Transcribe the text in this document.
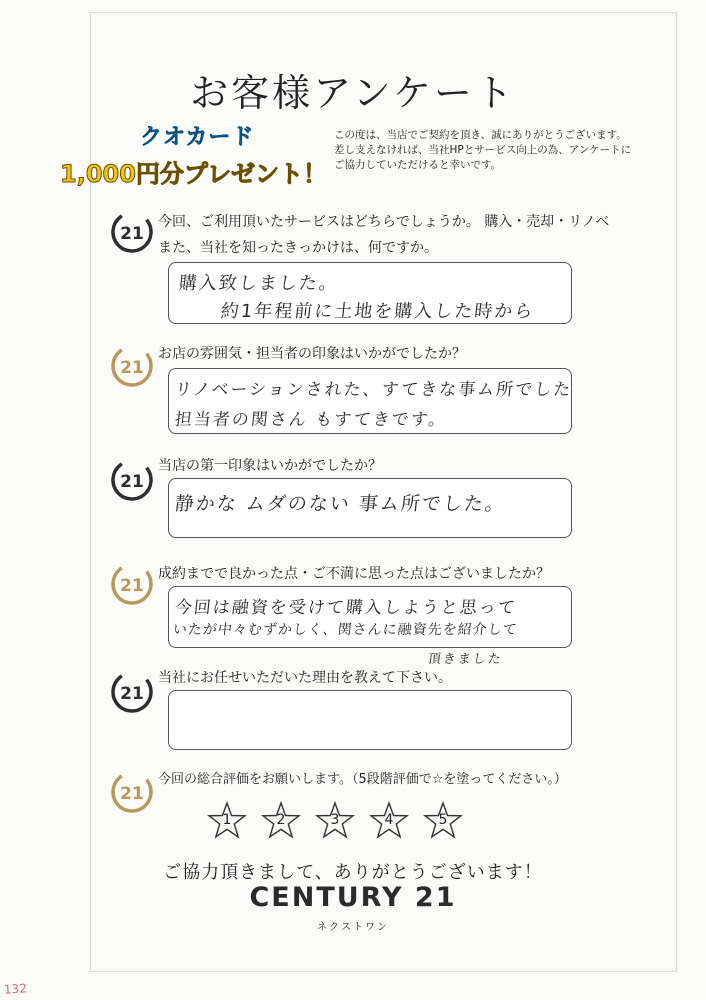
お客様アンケート
クオカード
1,000円分プレゼント！
この度は、当店でご契約を頂き、誠にありがとうございます。
差し支えなければ、当社HPとサービス向上の為、アンケートに
ご協力していただけると幸いです。
21
今回、ご利用頂いたサービスはどちらでしょうか。 購入・売却・リノベ
また、当社を知ったきっかけは、何ですか。
購入致しました。
約1年程前に土地を購入した時から
21
お店の雰囲気・担当者の印象はいかがでしたか？
リノベーションされた、すてきな事ム所でした
担当者の関さん もすてきです。
21
当店の第一印象はいかがでしたか？
静かな ムダのない 事ム所でした。
21
成約までで良かった点・ご不満に思った点はございましたか？
今回は融資を受けて購入しようと思って
いたが中々むずかしく、関さんに融資先を紹介して
頂きました
21
当社にお任せいただいた理由を教えて下さい。
21
今回の総合評価をお願いします。（5段階評価で☆を塗ってください。）
1	2	3	4	5
ご協力頂きまして、ありがとうございます！
CENTURY 21
ネクストワン
132
